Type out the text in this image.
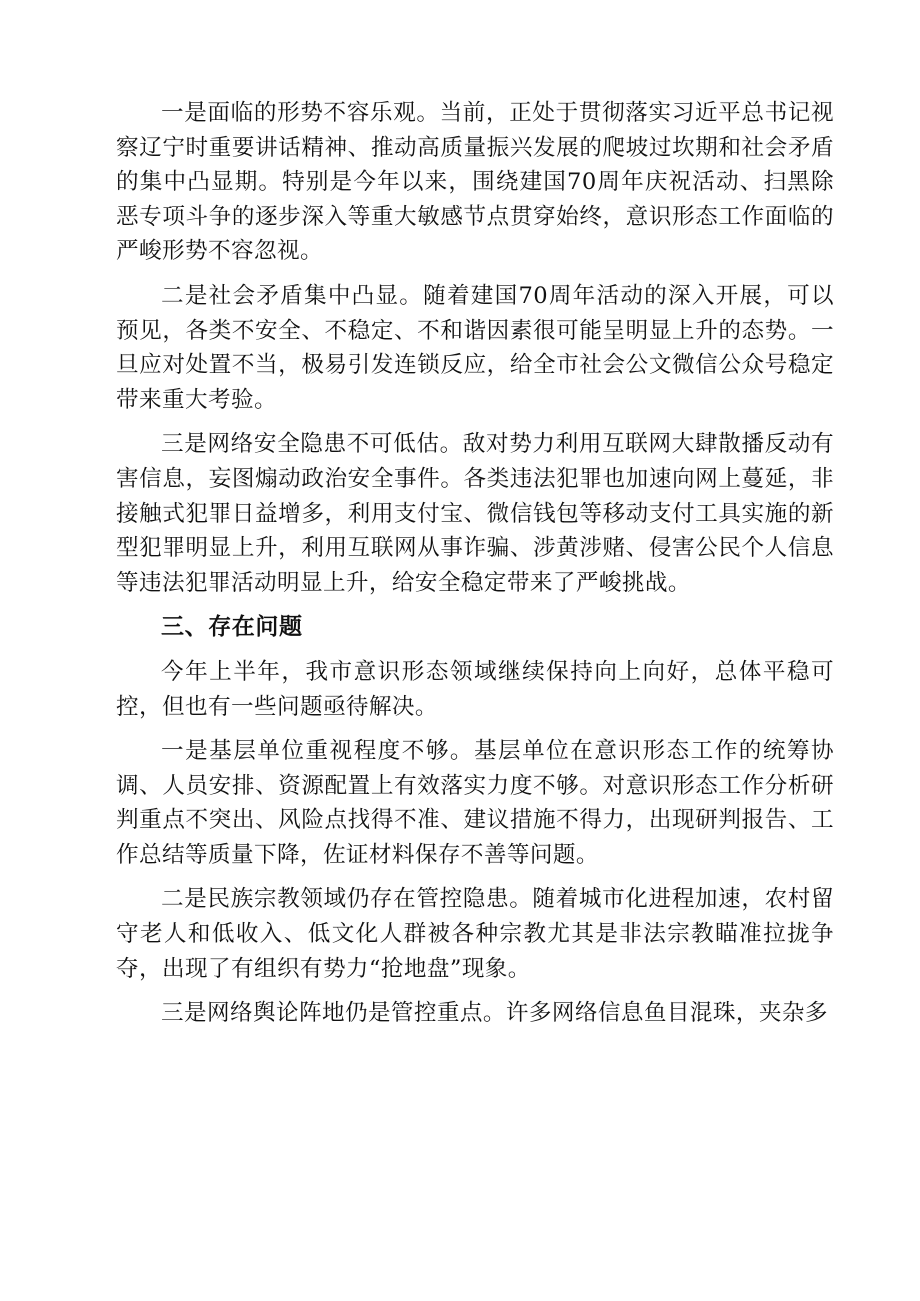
一是面临的形势不容乐观。当前，正处于贯彻落实习近平总书记视察辽宁时重要讲话精神、推动高质量振兴发展的爬坡过坎期和社会矛盾的集中凸显期。特别是今年以来，围绕建国70周年庆祝活动、扫黑除恶专项斗争的逐步深入等重大敏感节点贯穿始终，意识形态工作面临的严峻形势不容忽视。

二是社会矛盾集中凸显。随着建国70周年活动的深入开展，可以预见，各类不安全、不稳定、不和谐因素很可能呈明显上升的态势。一旦应对处置不当，极易引发连锁反应，给全市社会公文微信公众号稳定带来重大考验。

三是网络安全隐患不可低估。敌对势力利用互联网大肆散播反动有害信息，妄图煽动政治安全事件。各类违法犯罪也加速向网上蔓延，非接触式犯罪日益增多，利用支付宝、微信钱包等移动支付工具实施的新型犯罪明显上升，利用互联网从事诈骗、涉黄涉赌、侵害公民个人信息等违法犯罪活动明显上升，给安全稳定带来了严峻挑战。

三、存在问题

今年上半年，我市意识形态领域继续保持向上向好，总体平稳可控，但也有一些问题亟待解决。

一是基层单位重视程度不够。基层单位在意识形态工作的统筹协调、人员安排、资源配置上有效落实力度不够。对意识形态工作分析研判重点不突出、风险点找得不准、建议措施不得力，出现研判报告、工作总结等质量下降，佐证材料保存不善等问题。

二是民族宗教领域仍存在管控隐患。随着城市化进程加速，农村留守老人和低收入、低文化人群被各种宗教尤其是非法宗教瞄准拉拢争夺，出现了有组织有势力“抢地盘”现象。

三是网络舆论阵地仍是管控重点。许多网络信息鱼目混珠，夹杂多
